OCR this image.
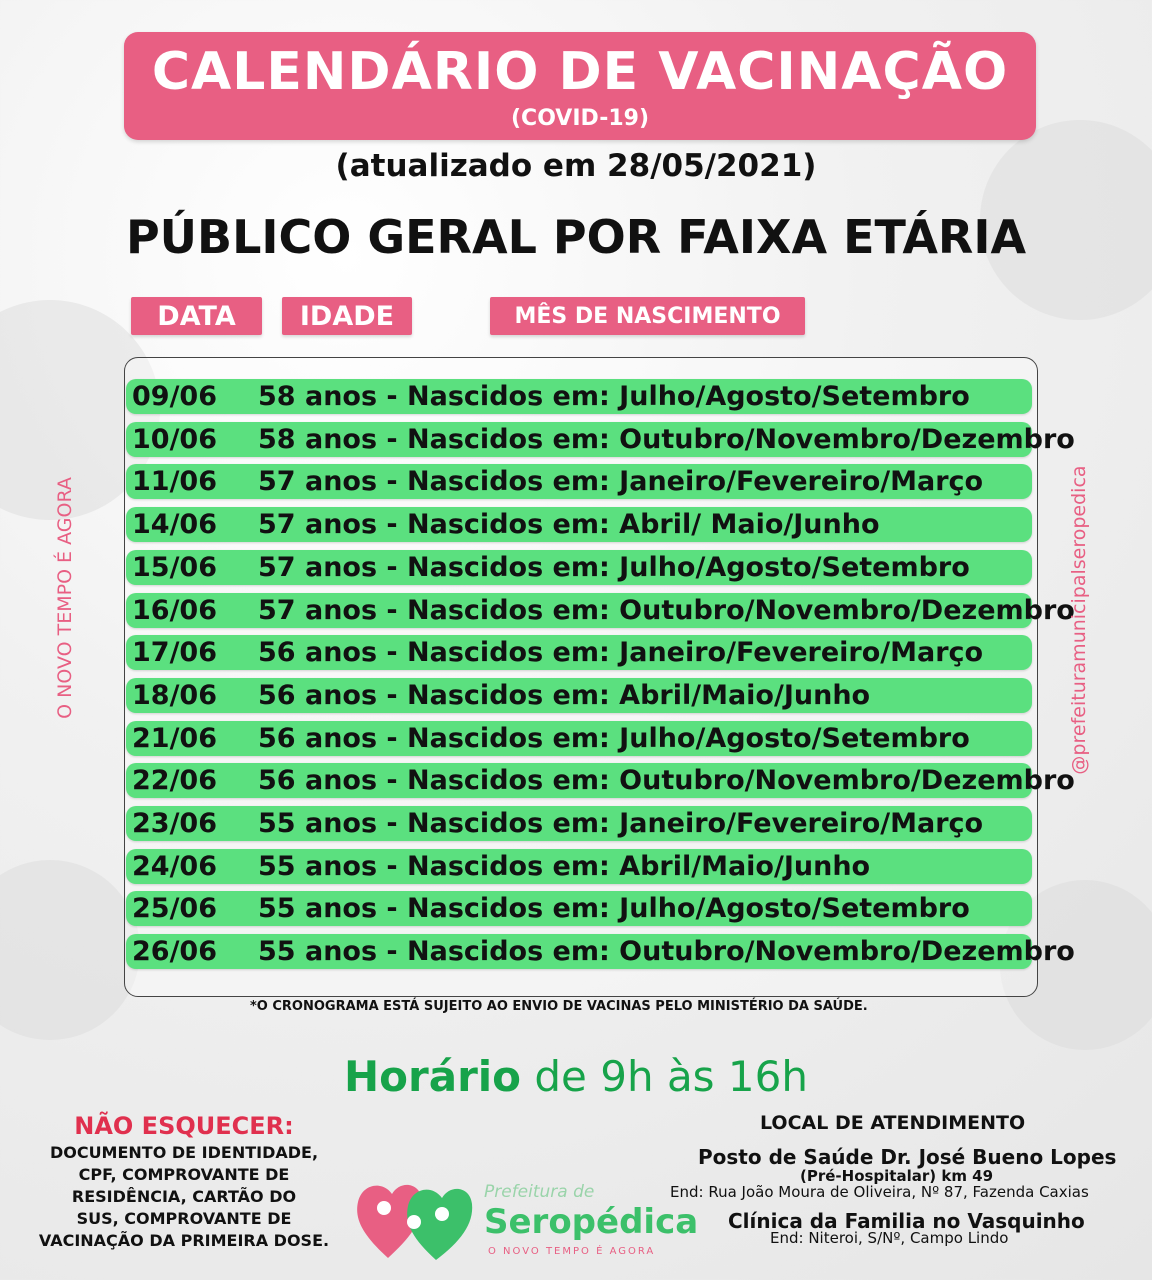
CALENDÁRIO DE VACINAÇÃO
(COVID-19)
(atualizado em 28/05/2021)
PÚBLICO GERAL POR FAIXA ETÁRIA
DATA	IDADE	MÊS DE NASCIMENTO
09/06 58 anos - Nascidos em: Julho/Agosto/Setembro
10/06 58 anos - Nascidos em: Outubro/Novembro/Dezembro
11/06 57 anos - Nascidos em: Janeiro/Fevereiro/Março
14/06 57 anos - Nascidos em: Abril/ Maio/Junho
15/06 57 anos - Nascidos em: Julho/Agosto/Setembro
16/06 57 anos - Nascidos em: Outubro/Novembro/Dezembro
17/06 56 anos - Nascidos em: Janeiro/Fevereiro/Março
18/06 56 anos - Nascidos em: Abril/Maio/Junho
21/06 56 anos - Nascidos em: Julho/Agosto/Setembro
22/06 56 anos - Nascidos em: Outubro/Novembro/Dezembro
23/06 55 anos - Nascidos em: Janeiro/Fevereiro/Março
24/06 55 anos - Nascidos em: Abril/Maio/Junho
25/06 55 anos - Nascidos em: Julho/Agosto/Setembro
26/06 55 anos - Nascidos em: Outubro/Novembro/Dezembro
*O CRONOGRAMA ESTÁ SUJEITO AO ENVIO DE VACINAS PELO MINISTÉRIO DA SAÚDE.
Horário de 9h às 16h
O NOVO TEMPO É AGORA	@prefeituramunicipalseropedica
NÃO ESQUECER:
DOCUMENTO DE IDENTIDADE,
CPF, COMPROVANTE DE
RESIDÊNCIA, CARTÃO DO
SUS, COMPROVANTE DE
VACINAÇÃO DA PRIMEIRA DOSE.
Prefeitura de
Seropédica
O NOVO TEMPO É AGORA
LOCAL DE ATENDIMENTO
Posto de Saúde Dr. José Bueno Lopes
(Pré-Hospitalar) km 49
End: Rua João Moura de Oliveira, Nº 87, Fazenda Caxias
Clínica da Familia no Vasquinho
End: Niteroi, S/Nº, Campo Lindo
